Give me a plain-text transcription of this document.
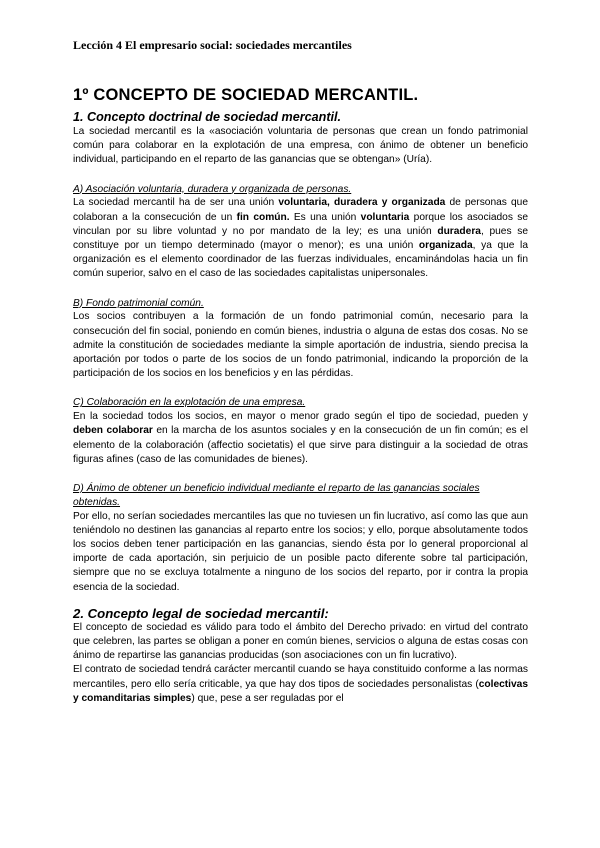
Lección 4 El empresario social: sociedades mercantiles
1º CONCEPTO DE SOCIEDAD MERCANTIL.
1. Concepto doctrinal de sociedad mercantil.

La sociedad mercantil es la «asociación voluntaria de personas que crean un fondo patrimonial común para colaborar en la explotación de una empresa, con ánimo de obtener un beneficio individual, participando en el reparto de las ganancias que se obtengan» (Uría).

A) Asociación voluntaria, duradera y organizada de personas.

La sociedad mercantil ha de ser una unión voluntaria, duradera y organizada de personas que colaboran a la consecución de un fin común. Es una unión voluntaria porque los asociados se vinculan por su libre voluntad y no por mandato de la ley; es una unión duradera, pues se constituye por un tiempo determinado (mayor o menor); es una unión organizada, ya que la organización es el elemento coordinador de las fuerzas individuales, encaminándolas hacia un fin común superior, salvo en el caso de las sociedades capitalistas unipersonales.

B) Fondo patrimonial común.

Los socios contribuyen a la formación de un fondo patrimonial común, necesario para la consecución del fin social, poniendo en común bienes, industria o alguna de estas dos cosas. No se admite la constitución de sociedades mediante la simple aportación de industria, siendo precisa la aportación por todos o parte de los socios de un fondo patrimonial, indicando la proporción de la participación de los socios en los beneficios y en las pérdidas.

C) Colaboración en la explotación de una empresa.

En la sociedad todos los socios, en mayor o menor grado según el tipo de sociedad, pueden y deben colaborar en la marcha de los asuntos sociales y en la consecución de un fin común; es el elemento de la colaboración (affectio societatis) el que sirve para distinguir a la sociedad de otras figuras afines (caso de las comunidades de bienes).

D) Ánimo de obtener un beneficio individual mediante el reparto de las ganancias sociales obtenidas.

Por ello, no serían sociedades mercantiles las que no tuviesen un fin lucrativo, así como las que aun teniéndolo no destinen las ganancias al reparto entre los socios; y ello, porque absolutamente todos los socios deben tener participación en las ganancias, siendo ésta por lo general proporcional al importe de cada aportación, sin perjuicio de un posible pacto diferente sobre tal participación, siempre que no se excluya totalmente a ninguno de los socios del reparto, por ir contra la propia esencia de la sociedad.

2. Concepto legal de sociedad mercantil:

El concepto de sociedad es válido para todo el ámbito del Derecho privado: en virtud del contrato que celebren, las partes se obligan a poner en común bienes, servicios o alguna de estas cosas con ánimo de repartirse las ganancias producidas (son asociaciones con un fin lucrativo).

El contrato de sociedad tendrá carácter mercantil cuando se haya constituido conforme a las normas mercantiles, pero ello sería criticable, ya que hay dos tipos de sociedades personalistas (colectivas y comanditarias simples) que, pese a ser reguladas por el
